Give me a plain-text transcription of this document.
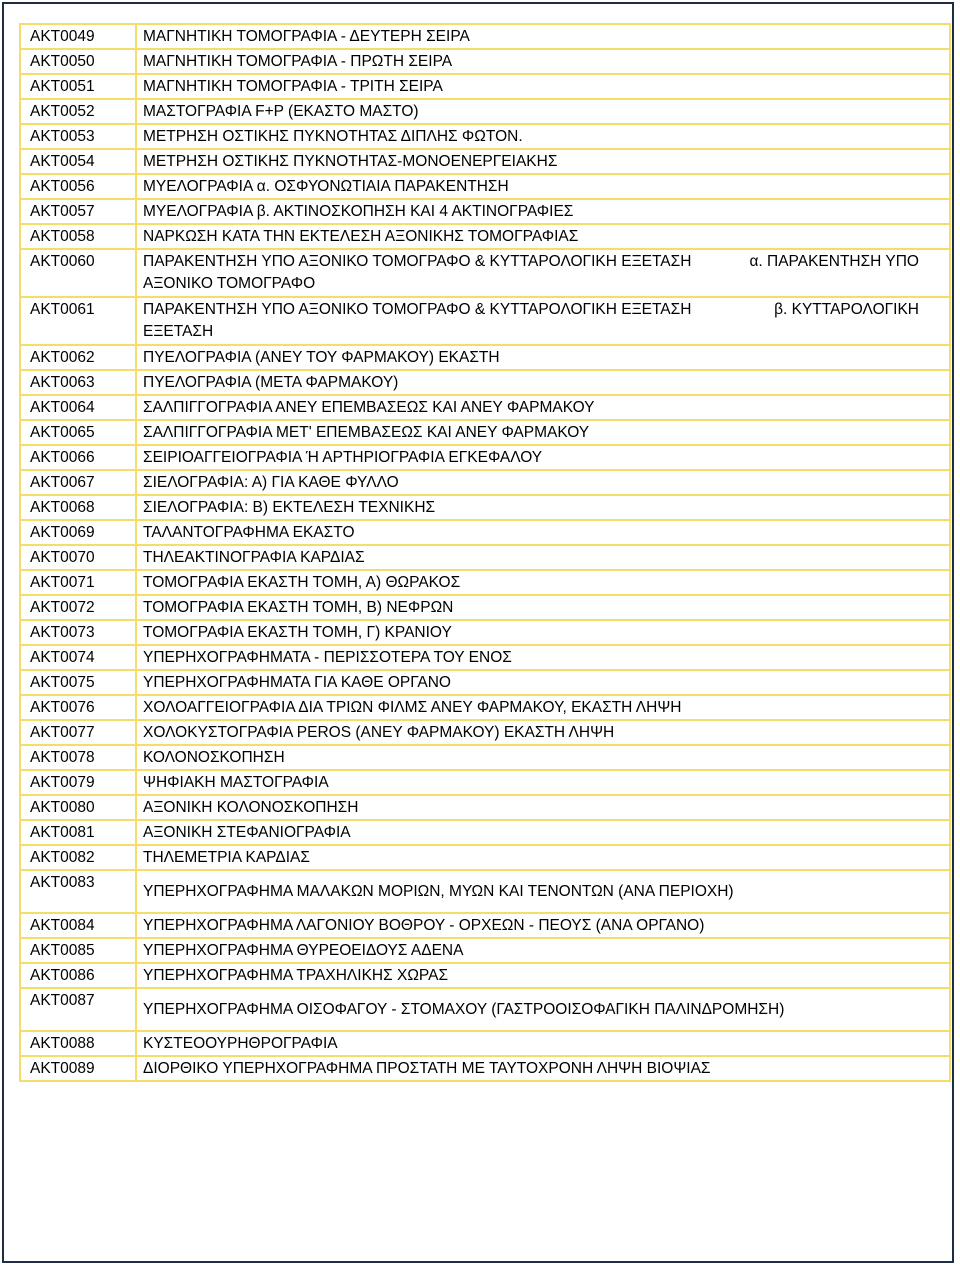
ΑΚΤ0049	ΜΑΓΝΗΤΙΚΗ ΤΟΜΟΓΡΑΦΙΑ - ΔΕΥΤΕΡΗ ΣΕΙΡΑ
ΑΚΤ0050	ΜΑΓΝΗΤΙΚΗ ΤΟΜΟΓΡΑΦΙΑ - ΠΡΩΤΗ ΣΕΙΡΑ
ΑΚΤ0051	ΜΑΓΝΗΤΙΚΗ ΤΟΜΟΓΡΑΦΙΑ - ΤΡΙΤΗ ΣΕΙΡΑ
ΑΚΤ0052	ΜΑΣΤΟΓΡΑΦΙΑ F+P (ΕΚΑΣΤΟ ΜΑΣΤΟ)
ΑΚΤ0053	ΜΕΤΡΗΣΗ ΟΣΤΙΚΗΣ ΠΥΚΝΟΤΗΤΑΣ ΔΙΠΛΗΣ ΦΩΤΟΝ.
ΑΚΤ0054	ΜΕΤΡΗΣΗ ΟΣΤΙΚΗΣ ΠΥΚΝΟΤΗΤΑΣ-ΜΟΝΟΕΝΕΡΓΕΙΑΚΗΣ
ΑΚΤ0056	ΜΥΕΛΟΓΡΑΦΙΑ α. ΟΣΦΥΟΝΩΤΙΑΙΑ ΠΑΡΑΚΕΝΤΗΣΗ
ΑΚΤ0057	ΜΥΕΛΟΓΡΑΦΙΑ β. ΑΚΤΙΝΟΣΚΟΠΗΣΗ ΚΑΙ 4 ΑΚΤΙΝΟΓΡΑΦΙΕΣ
ΑΚΤ0058	ΝΑΡΚΩΣΗ ΚΑΤΑ ΤΗΝ ΕΚΤΕΛΕΣΗ ΑΞΟΝΙΚΗΣ ΤΟΜΟΓΡΑΦΙΑΣ
ΑΚΤ0060	ΠΑΡΑΚΕΝΤΗΣΗ ΥΠΟ ΑΞΟΝΙΚΟ ΤΟΜΟΓΡΑΦΟ & ΚΥΤΤΑΡΟΛΟΓΙΚΗ ΕΞΕΤΑΣΗ α. ΠΑΡΑΚΕΝΤΗΣΗ ΥΠΟ
ΑΞΟΝΙΚΟ ΤΟΜΟΓΡΑΦΟ

ΑΚΤ0061	ΠΑΡΑΚΕΝΤΗΣΗ ΥΠΟ ΑΞΟΝΙΚΟ ΤΟΜΟΓΡΑΦΟ & ΚΥΤΤΑΡΟΛΟΓΙΚΗ ΕΞΕΤΑΣΗ β. ΚΥΤΤΑΡΟΛΟΓΙΚΗ
ΕΞΕΤΑΣΗ

ΑΚΤ0062	ΠΥΕΛΟΓΡΑΦΙΑ (ΑΝΕΥ ΤΟΥ ΦΑΡΜΑΚΟΥ) ΕΚΑΣΤΗ
ΑΚΤ0063	ΠΥΕΛΟΓΡΑΦΙΑ (ΜΕΤΑ ΦΑΡΜΑΚΟΥ)
ΑΚΤ0064	ΣΑΛΠΙΓΓΟΓΡΑΦΙΑ ΑΝΕΥ ΕΠΕΜΒΑΣΕΩΣ ΚΑΙ ΑΝΕΥ ΦΑΡΜΑΚΟΥ
ΑΚΤ0065	ΣΑΛΠΙΓΓΟΓΡΑΦΙΑ ΜΕΤ' ΕΠΕΜΒΑΣΕΩΣ ΚΑΙ ΑΝΕΥ ΦΑΡΜΑΚΟΥ
ΑΚΤ0066	ΣΕΙΡΙΟΑΓΓΕΙΟΓΡΑΦΙΑ Ή ΑΡΤΗΡΙΟΓΡΑΦΙΑ ΕΓΚΕΦΑΛΟΥ
ΑΚΤ0067	ΣΙΕΛΟΓΡΑΦΙΑ: Α) ΓΙΑ ΚΑΘΕ ΦΥΛΛΟ
ΑΚΤ0068	ΣΙΕΛΟΓΡΑΦΙΑ: Β) ΕΚΤΕΛΕΣΗ ΤΕΧΝΙΚΗΣ
ΑΚΤ0069	ΤΑΛΑΝΤΟΓΡΑΦΗΜΑ ΕΚΑΣΤΟ
ΑΚΤ0070	ΤΗΛΕΑΚΤΙΝΟΓΡΑΦΙΑ ΚΑΡΔΙΑΣ
ΑΚΤ0071	ΤΟΜΟΓΡΑΦΙΑ ΕΚΑΣΤΗ ΤΟΜΗ, Α) ΘΩΡΑΚΟΣ
ΑΚΤ0072	ΤΟΜΟΓΡΑΦΙΑ ΕΚΑΣΤΗ ΤΟΜΗ, Β) ΝΕΦΡΩΝ
ΑΚΤ0073	ΤΟΜΟΓΡΑΦΙΑ ΕΚΑΣΤΗ ΤΟΜΗ, Γ) ΚΡΑΝΙΟΥ
ΑΚΤ0074	ΥΠΕΡΗΧΟΓΡΑΦΗΜΑΤΑ - ΠΕΡΙΣΣΟΤΕΡΑ ΤΟΥ ΕΝΟΣ
ΑΚΤ0075	ΥΠΕΡΗΧΟΓΡΑΦΗΜΑΤΑ ΓΙΑ ΚΑΘΕ ΟΡΓΑΝΟ
ΑΚΤ0076	ΧΟΛΟΑΓΓΕΙΟΓΡΑΦΙΑ ΔΙΑ ΤΡΙΩΝ ΦΙΛΜΣ ΑΝΕΥ ΦΑΡΜΑΚΟΥ, ΕΚΑΣΤΗ ΛΗΨΗ
ΑΚΤ0077	ΧΟΛΟΚΥΣΤΟΓΡΑΦΙΑ PEROS (ΑΝΕΥ ΦΑΡΜΑΚΟΥ) ΕΚΑΣΤΗ ΛΗΨΗ
ΑΚΤ0078	ΚΟΛΟΝΟΣΚΟΠΗΣΗ
ΑΚΤ0079	ΨΗΦΙΑΚΗ ΜΑΣΤΟΓΡΑΦΙΑ
ΑΚΤ0080	ΑΞΟΝΙΚΗ ΚΟΛΟΝΟΣΚΟΠΗΣΗ
ΑΚΤ0081	ΑΞΟΝΙΚΗ ΣΤΕΦΑΝΙΟΓΡΑΦΙΑ
ΑΚΤ0082	ΤΗΛΕΜΕΤΡΙΑ ΚΑΡΔΙΑΣ
ΑΚΤ0083	ΥΠΕΡΗΧΟΓΡΑΦΗΜΑ ΜΑΛΑΚΩΝ ΜΟΡΙΩΝ, ΜΥΩΝ ΚΑΙ ΤΕΝΟΝΤΩΝ (ΑΝΑ ΠΕΡΙΟΧΗ)
ΑΚΤ0084	ΥΠΕΡΗΧΟΓΡΑΦΗΜΑ ΛΑΓΟΝΙΟΥ ΒΟΘΡΟΥ - ΟΡΧΕΩΝ - ΠΕΟΥΣ (ΑΝΑ ΟΡΓΑΝΟ)
ΑΚΤ0085	ΥΠΕΡΗΧΟΓΡΑΦΗΜΑ ΘΥΡΕΟΕΙΔΟΥΣ ΑΔΕΝΑ
ΑΚΤ0086	ΥΠΕΡΗΧΟΓΡΑΦΗΜΑ ΤΡΑΧΗΛΙΚΗΣ ΧΩΡΑΣ
ΑΚΤ0087	ΥΠΕΡΗΧΟΓΡΑΦΗΜΑ ΟΙΣΟΦΑΓΟΥ - ΣΤΟΜΑΧΟΥ (ΓΑΣΤΡΟΟΙΣΟΦΑΓΙΚΗ ΠΑΛΙΝΔΡΟΜΗΣΗ)
ΑΚΤ0088	ΚΥΣΤΕΟΟΥΡΗΘΡΟΓΡΑΦΙΑ
ΑΚΤ0089	ΔΙΟΡΘΙΚΟ ΥΠΕΡΗΧΟΓΡΑΦΗΜΑ ΠΡΟΣΤΑΤΗ ΜΕ ΤΑΥΤΟΧΡΟΝΗ ΛΗΨΗ ΒΙΟΨΙΑΣ
